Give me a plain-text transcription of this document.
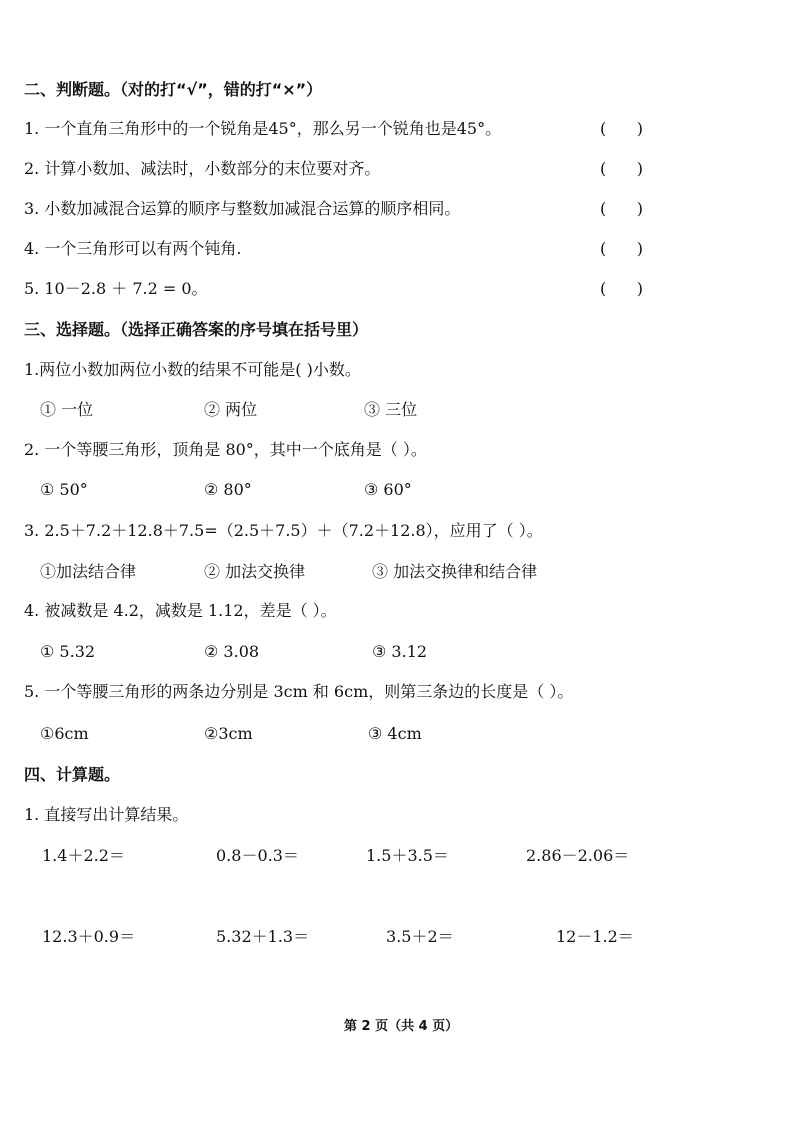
二、判断题。（对的打“√”，错的打“×”）
1. 一个直角三角形中的一个锐角是45°，那么另一个锐角也是45°。	(      )
2. 计算小数加、减法时，小数部分的末位要对齐。	(      )
3. 小数加减混合运算的顺序与整数加减混合运算的顺序相同。	(      )
4. 一个三角形可以有两个钝角.	(      )
5. 10－2.8 ＋ 7.2 = 0。	(      )
三、选择题。（选择正确答案的序号填在括号里）
1.两位小数加两位小数的结果不可能是( )小数。
① 一位	② 两位	③ 三位
2. 一个等腰三角形，顶角是 80°，其中一个底角是（ ）。
① 50°	② 80°	③ 60°
3. 2.5＋7.2＋12.8＋7.5=（2.5＋7.5）＋（7.2＋12.8），应用了（ ）。
①加法结合律	② 加法交换律	③ 加法交换律和结合律
4. 被减数是 4.2，减数是 1.12，差是（ ）。
① 5.32	② 3.08	③ 3.12
5. 一个等腰三角形的两条边分别是 3cm 和 6cm，则第三条边的长度是（ ）。
①6cm	②3cm	③ 4cm
四、计算题。
1. 直接写出计算结果。
1.4＋2.2＝	0.8－0.3＝	1.5＋3.5＝	2.86－2.06＝
12.3＋0.9＝	5.32＋1.3＝	3.5＋2＝	12－1.2＝
第 2 页（共 4 页）
